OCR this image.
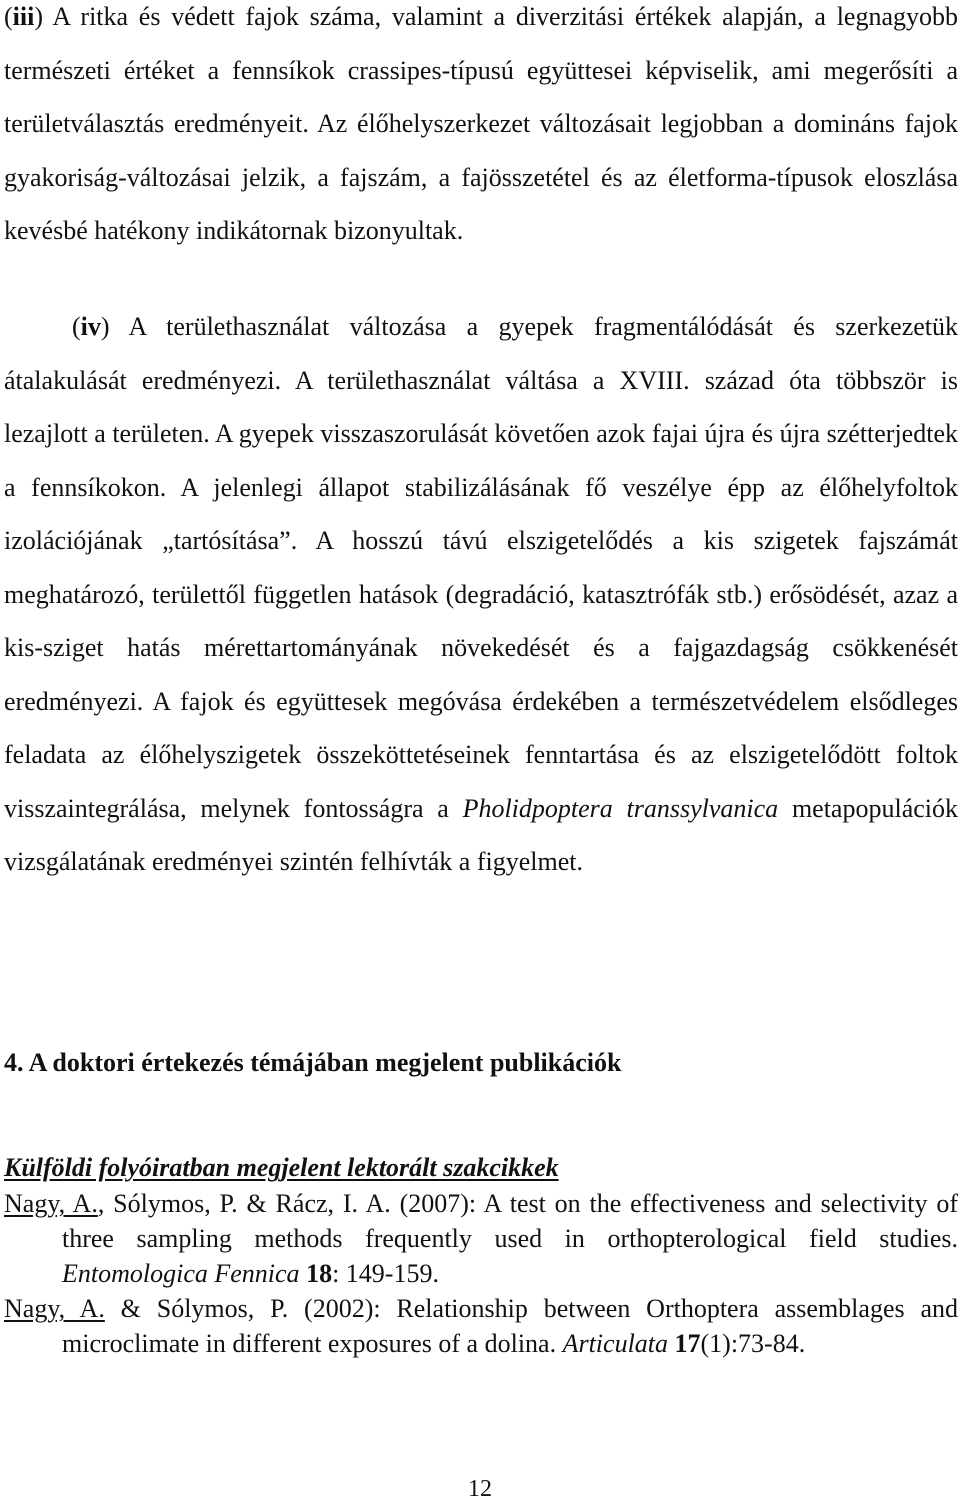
(iii) A ritka és védett fajok száma, valamint a diverzitási értékek alapján, a legnagyobb természeti értéket a fennsíkok crassipes-típusú együttesei képviselik, ami megerősíti a területválasztás eredményeit. Az élőhelyszerkezet változásait legjobban a domináns fajok gyakoriság-változásai jelzik, a fajszám, a fajösszetétel és az életforma-típusok eloszlása kevésbé hatékony indikátornak bizonyultak.

(iv) A területhasználat változása a gyepek fragmentálódását és szerkezetük átalakulását eredményezi. A területhasználat váltása a XVIII. század óta többször is lezajlott a területen. A gyepek visszaszorulását követően azok fajai újra és újra szétterjedtek a fennsíkokon. A jelenlegi állapot stabilizálásának fő veszélye épp az élőhelyfoltok izolációjának „tartósítása”. A hosszú távú elszigetelődés a kis szigetek fajszámát meghatározó, területtől független hatások (degradáció, katasztrófák stb.) erősödését, azaz a kis-sziget hatás mérettartományának növekedését és a fajgazdagság csökkenését eredményezi. A fajok és együttesek megóvása érdekében a természetvédelem elsődleges feladata az élőhelyszigetek összeköttetéseinek fenntartása és az elszigetelődött foltok visszaintegrálása, melynek fontosságra a Pholidpoptera transsylvanica metapopulációk vizsgálatának eredményei szintén felhívták a figyelmet.

4. A doktori értekezés témájában megjelent publikációk
Külföldi folyóiratban megjelent lektorált szakcikkek

Nagy, A., Sólymos, P. & Rácz, I. A. (2007): A test on the effectiveness and selectivity of three sampling methods frequently used in orthopterological field studies. Entomologica Fennica 18: 149-159.

Nagy, A. & Sólymos, P. (2002): Relationship between Orthoptera assemblages and microclimate in different exposures of a dolina. Articulata 17(1):73-84.

12
